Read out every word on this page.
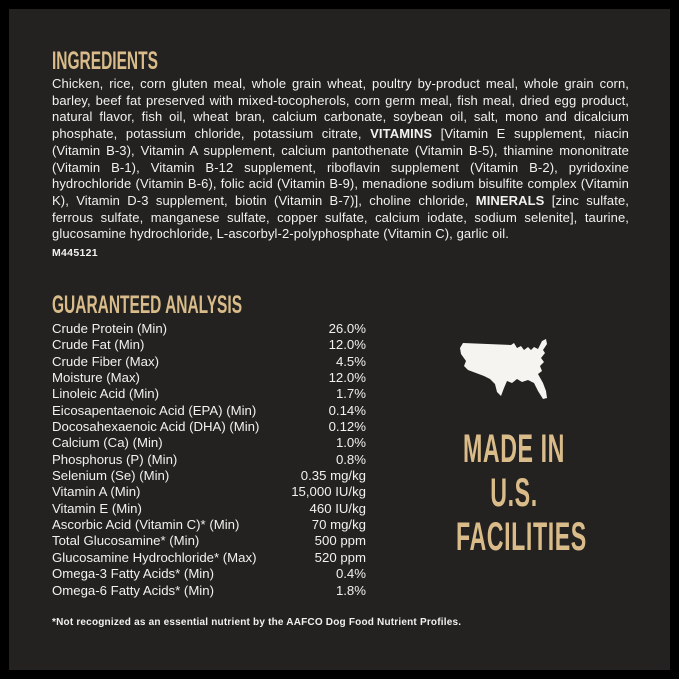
INGREDIENTS
Chicken, rice, corn gluten meal, whole grain wheat, poultry by-product meal, whole grain corn, barley, beef fat preserved with mixed-tocopherols, corn germ meal, fish meal, dried egg product, natural flavor, fish oil, wheat bran, calcium carbonate, soybean oil, salt, mono and dicalcium phosphate, potassium chloride, potassium citrate, VITAMINS [Vitamin E supplement, niacin (Vitamin B-3), Vitamin A supplement, calcium pantothenate (Vitamin B-5), thiamine mononitrate (Vitamin B-1), Vitamin B-12 supplement, riboflavin supplement (Vitamin B-2), pyridoxine hydrochloride (Vitamin B-6), folic acid (Vitamin B-9), menadione sodium bisulfite complex (Vitamin K), Vitamin D-3 supplement, biotin (Vitamin B-7)], choline chloride, MINERALS [zinc sulfate, ferrous sulfate, manganese sulfate, copper sulfate, calcium iodate, sodium selenite], taurine, glucosamine hydrochloride, L-ascorbyl-2-polyphosphate (Vitamin C), garlic oil.
M445121
GUARANTEED ANALYSIS
Crude Protein (Min)	26.0%
Crude Fat (Min)	12.0%
Crude Fiber (Max)	4.5%
Moisture (Max)	12.0%
Linoleic Acid (Min)	1.7%
Eicosapentaenoic Acid (EPA) (Min)	0.14%
Docosahexaenoic Acid (DHA) (Min)	0.12%
Calcium (Ca) (Min)	1.0%
Phosphorus (P) (Min)	0.8%
Selenium (Se) (Min)	0.35 mg/kg
Vitamin A (Min)	15,000 IU/kg
Vitamin E (Min)	460 IU/kg
Ascorbic Acid (Vitamin C)* (Min)	70 mg/kg
Total Glucosamine* (Min)	500 ppm
Glucosamine Hydrochloride* (Max)	520 ppm
Omega-3 Fatty Acids* (Min)	0.4%
Omega-6 Fatty Acids* (Min)	1.8%
*Not recognized as an essential nutrient by the AAFCO Dog Food Nutrient Profiles.
MADE IN
U.S.
FACILITIES
